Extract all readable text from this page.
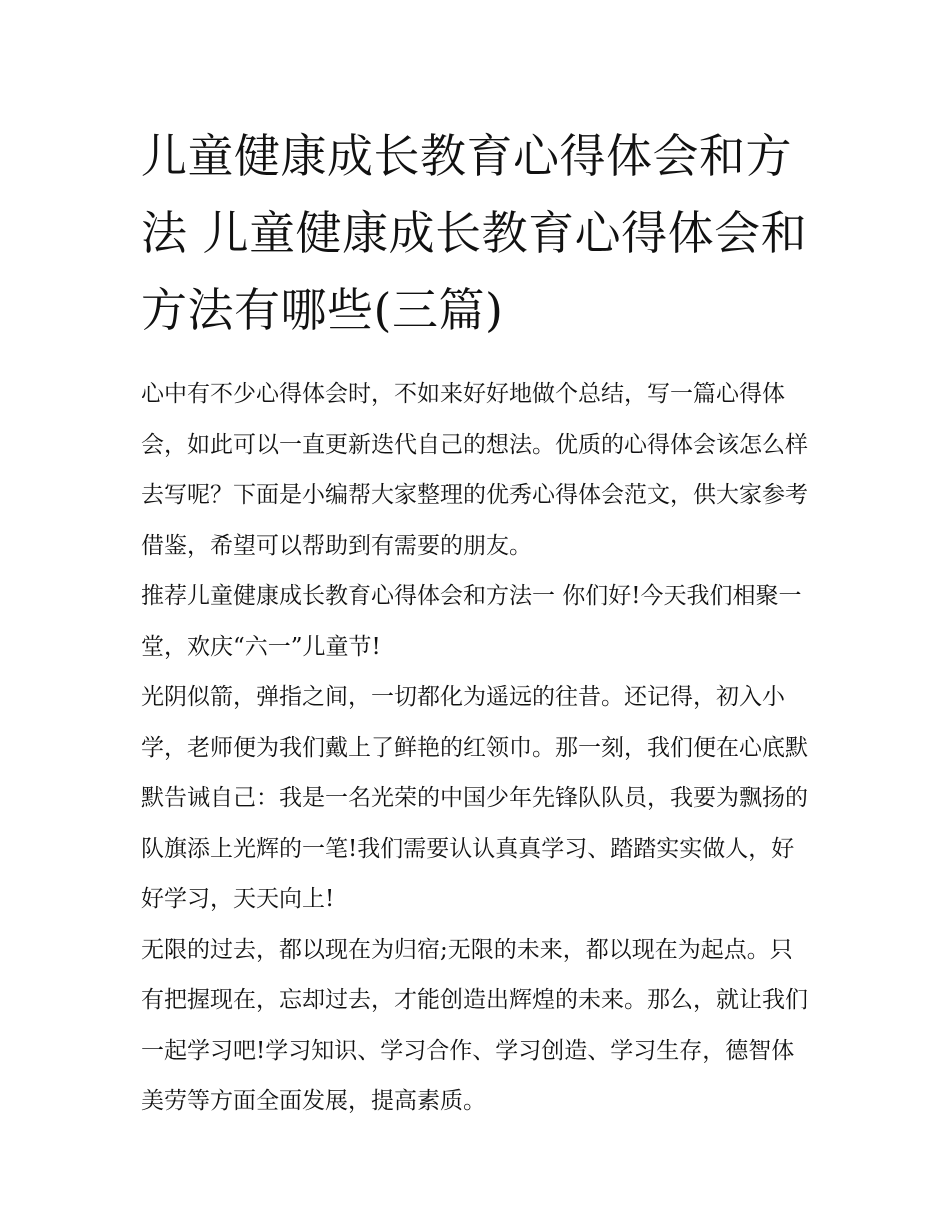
儿童健康成长教育心得体会和方法 儿童健康成长教育心得体会和方法有哪些(三篇)

心中有不少心得体会时，不如来好好地做个总结，写一篇心得体会，如此可以一直更新迭代自己的想法。优质的心得体会该怎么样去写呢？下面是小编帮大家整理的优秀心得体会范文，供大家参考借鉴，希望可以帮助到有需要的朋友。

推荐儿童健康成长教育心得体会和方法一 你们好!今天我们相聚一堂，欢庆“六一”儿童节!

光阴似箭，弹指之间，一切都化为遥远的往昔。还记得，初入小学，老师便为我们戴上了鲜艳的红领巾。那一刻，我们便在心底默默告诫自己：我是一名光荣的中国少年先锋队队员，我要为飘扬的队旗添上光辉的一笔!我们需要认认真真学习、踏踏实实做人，好好学习，天天向上!

无限的过去，都以现在为归宿;无限的未来，都以现在为起点。只有把握现在，忘却过去，才能创造出辉煌的未来。那么，就让我们一起学习吧!学习知识、学习合作、学习创造、学习生存，德智体美劳等方面全面发展，提高素质。
